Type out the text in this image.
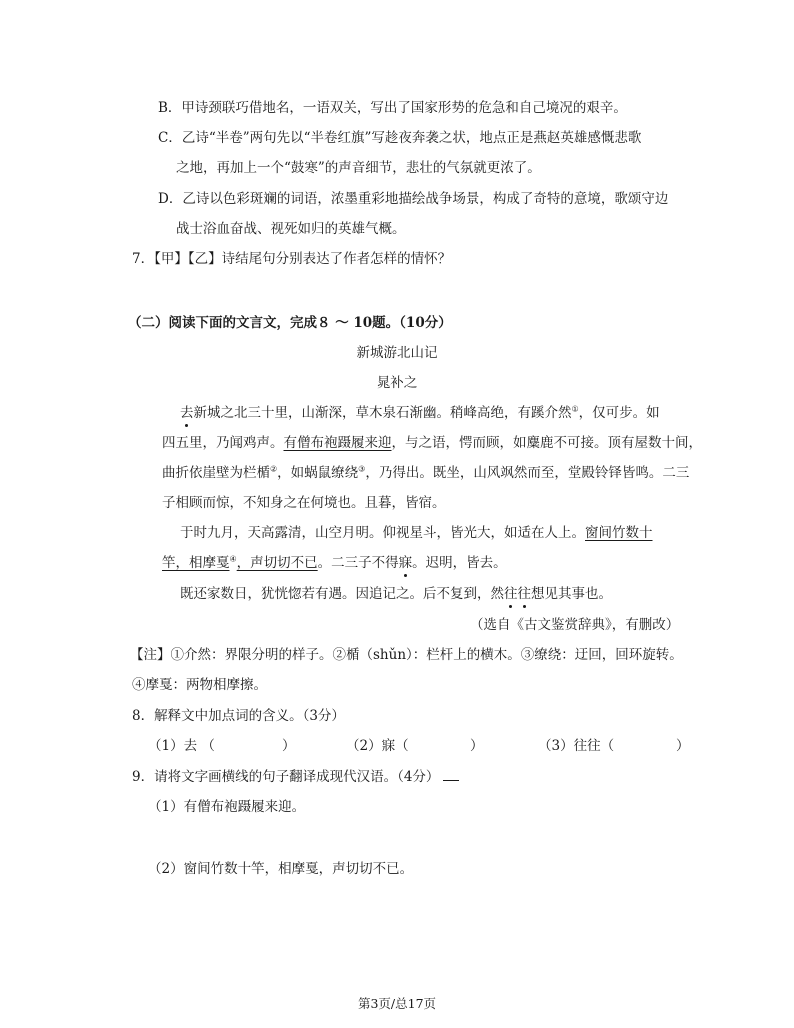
B．甲诗颈联巧借地名，一语双关，写出了国家形势的危急和自己境况的艰辛。
C．乙诗“半卷”两句先以“半卷红旗”写趁夜奔袭之状，地点正是燕赵英雄感慨悲歌
之地，再加上一个“鼓寒”的声音细节，悲壮的气氛就更浓了。
D．乙诗以色彩斑斓的词语，浓墨重彩地描绘战争场景，构成了奇特的意境，歌颂守边
战士浴血奋战、视死如归的英雄气概。
7．【甲】【乙】诗结尾句分别表达了作者怎样的情怀？
（二）阅读下面的文言文，完成８ ～ 10题。（10分）
新城游北山记
晁补之
去新城之北三十里，山渐深，草木泉石渐幽。稍峰高绝，有蹊介然①，仅可步。如
四五里，乃闻鸡声。有僧布袍蹑履来迎，与之语，愕而顾，如麋鹿不可接。顶有屋数十间，
曲折依崖壁为栏楯②，如蜗鼠缭绕③，乃得出。既坐，山风飒然而至，堂殿铃铎皆鸣。二三
子相顾而惊，不知身之在何境也。且暮，皆宿。
于时九月，天高露清，山空月明。仰视星斗，皆光大，如适在人上。窗间竹数十
竿，相摩戛④，声切切不已。二三子不得寐。迟明，皆去。
既还家数日，犹恍惚若有遇。因追记之。后不复到，然往往想见其事也。
（选自《古文鉴赏辞典》，有删改）
【注】①介然：界限分明的样子。②楯（shǔn）：栏杆上的横木。③缭绕：迂回，回环旋转。
④摩戛：两物相摩擦。
8．解释文中加点词的含义。（3分）
（1）去 （	）	（2）寐（	）	（3）往往（	）
9．请将文字画横线的句子翻译成现代汉语。（4分）
（1）有僧布袍蹑履来迎。
（2）窗间竹数十竿，相摩戛，声切切不已。
第3页/总17页
